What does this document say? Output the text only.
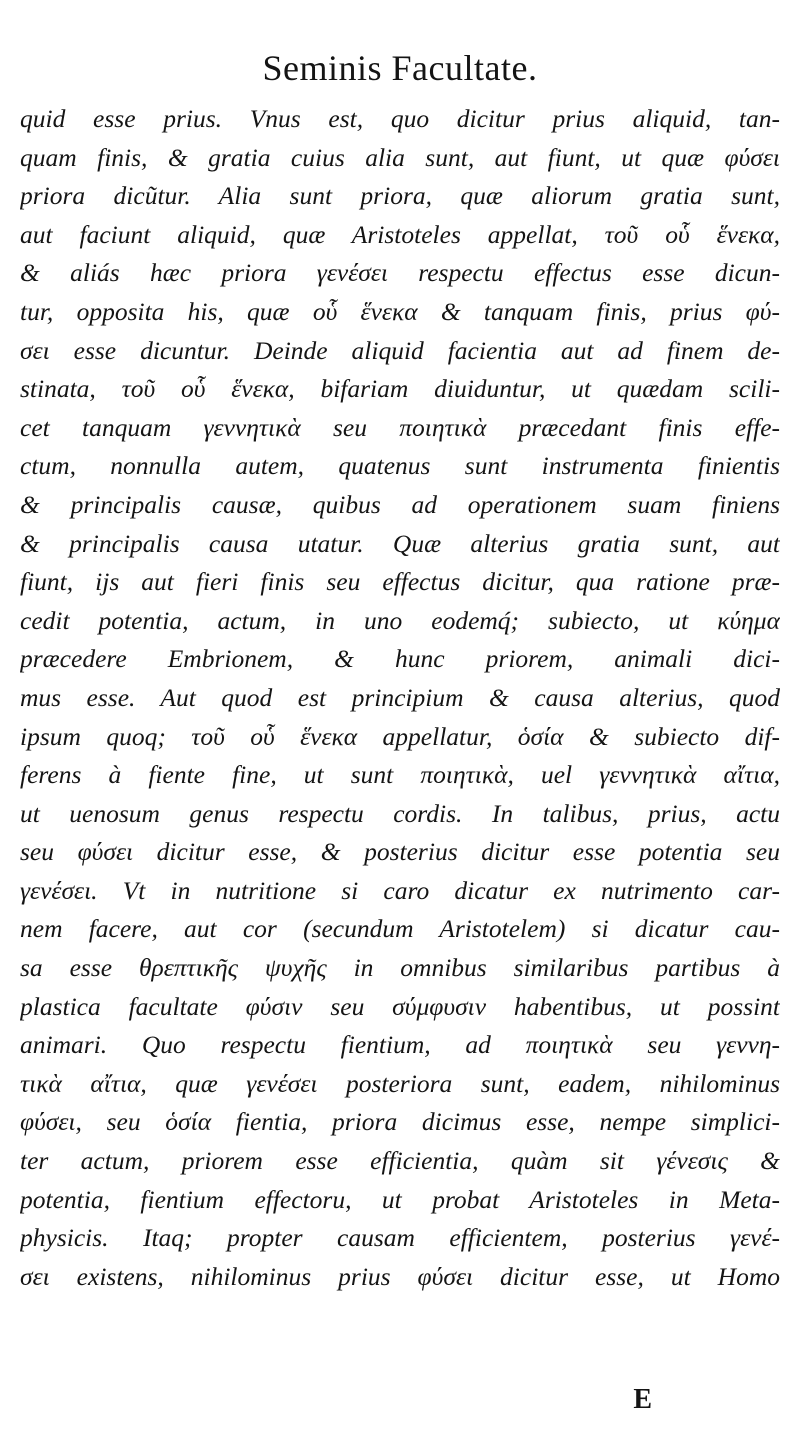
Seminis Facultate.
quid esse prius. Vnus est, quo dicitur prius aliquid, tan-
quam finis, & gratia cuius alia sunt, aut fiunt, ut quæ φύσει
priora dicũtur. Alia sunt priora, quæ aliorum gratia sunt,
aut faciunt aliquid, quæ Aristoteles appellat, τοῦ οὗ ἕνεκα,
& aliás hæc priora γενέσει respectu effectus esse dicun-
tur, opposita his, quæ οὗ ἕνεκα & tanquam finis, prius φύ-
σει esse dicuntur. Deinde aliquid facientia aut ad finem de-
stinata, τοῦ οὗ ἕνεκα, bifariam diuiduntur, ut quædam scili-
cet tanquam γεννητικὰ seu ποιητικὰ præcedant finis effe-
ctum, nonnulla autem, quatenus sunt instrumenta finientis
& principalis causæ, quibus ad operationem suam finiens
& principalis causa utatur. Quæ alterius gratia sunt, aut
fiunt, ijs aut fieri finis seu effectus dicitur, qua ratione præ-
cedit potentia, actum, in uno eodemq́; subiecto, ut κύημα
præcedere Embrionem, & hunc priorem, animali dici-
mus esse. Aut quod est principium & causa alterius, quod
ipsum quoq; τοῦ οὗ ἕνεκα appellatur, ὁσία & subiecto dif-
ferens à fiente fine, ut sunt ποιητικὰ, uel γεννητικὰ αἴτια,
ut uenosum genus respectu cordis. In talibus, prius, actu
seu φύσει dicitur esse, & posterius dicitur esse potentia seu
γενέσει. Vt in nutritione si caro dicatur ex nutrimento car-
nem facere, aut cor (secundum Aristotelem) si dicatur cau-
sa esse θρεπτικῆς ψυχῆς in omnibus similaribus partibus à
plastica facultate φύσιν seu σύμφυσιν habentibus, ut possint
animari. Quo respectu fientium, ad ποιητικὰ seu γεννη-
τικὰ αἴτια, quæ γενέσει posteriora sunt, eadem, nihilominus
φύσει, seu ὁσία fientia, priora dicimus esse, nempe simplici-
ter actum, priorem esse efficientia, quàm sit γένεσις &
potentia, fientium effectoru, ut probat Aristoteles in Meta-
physicis. Itaq; propter causam efficientem, posterius γενέ-
σει existens, nihilominus prius φύσει dicitur esse, ut Homo
E
